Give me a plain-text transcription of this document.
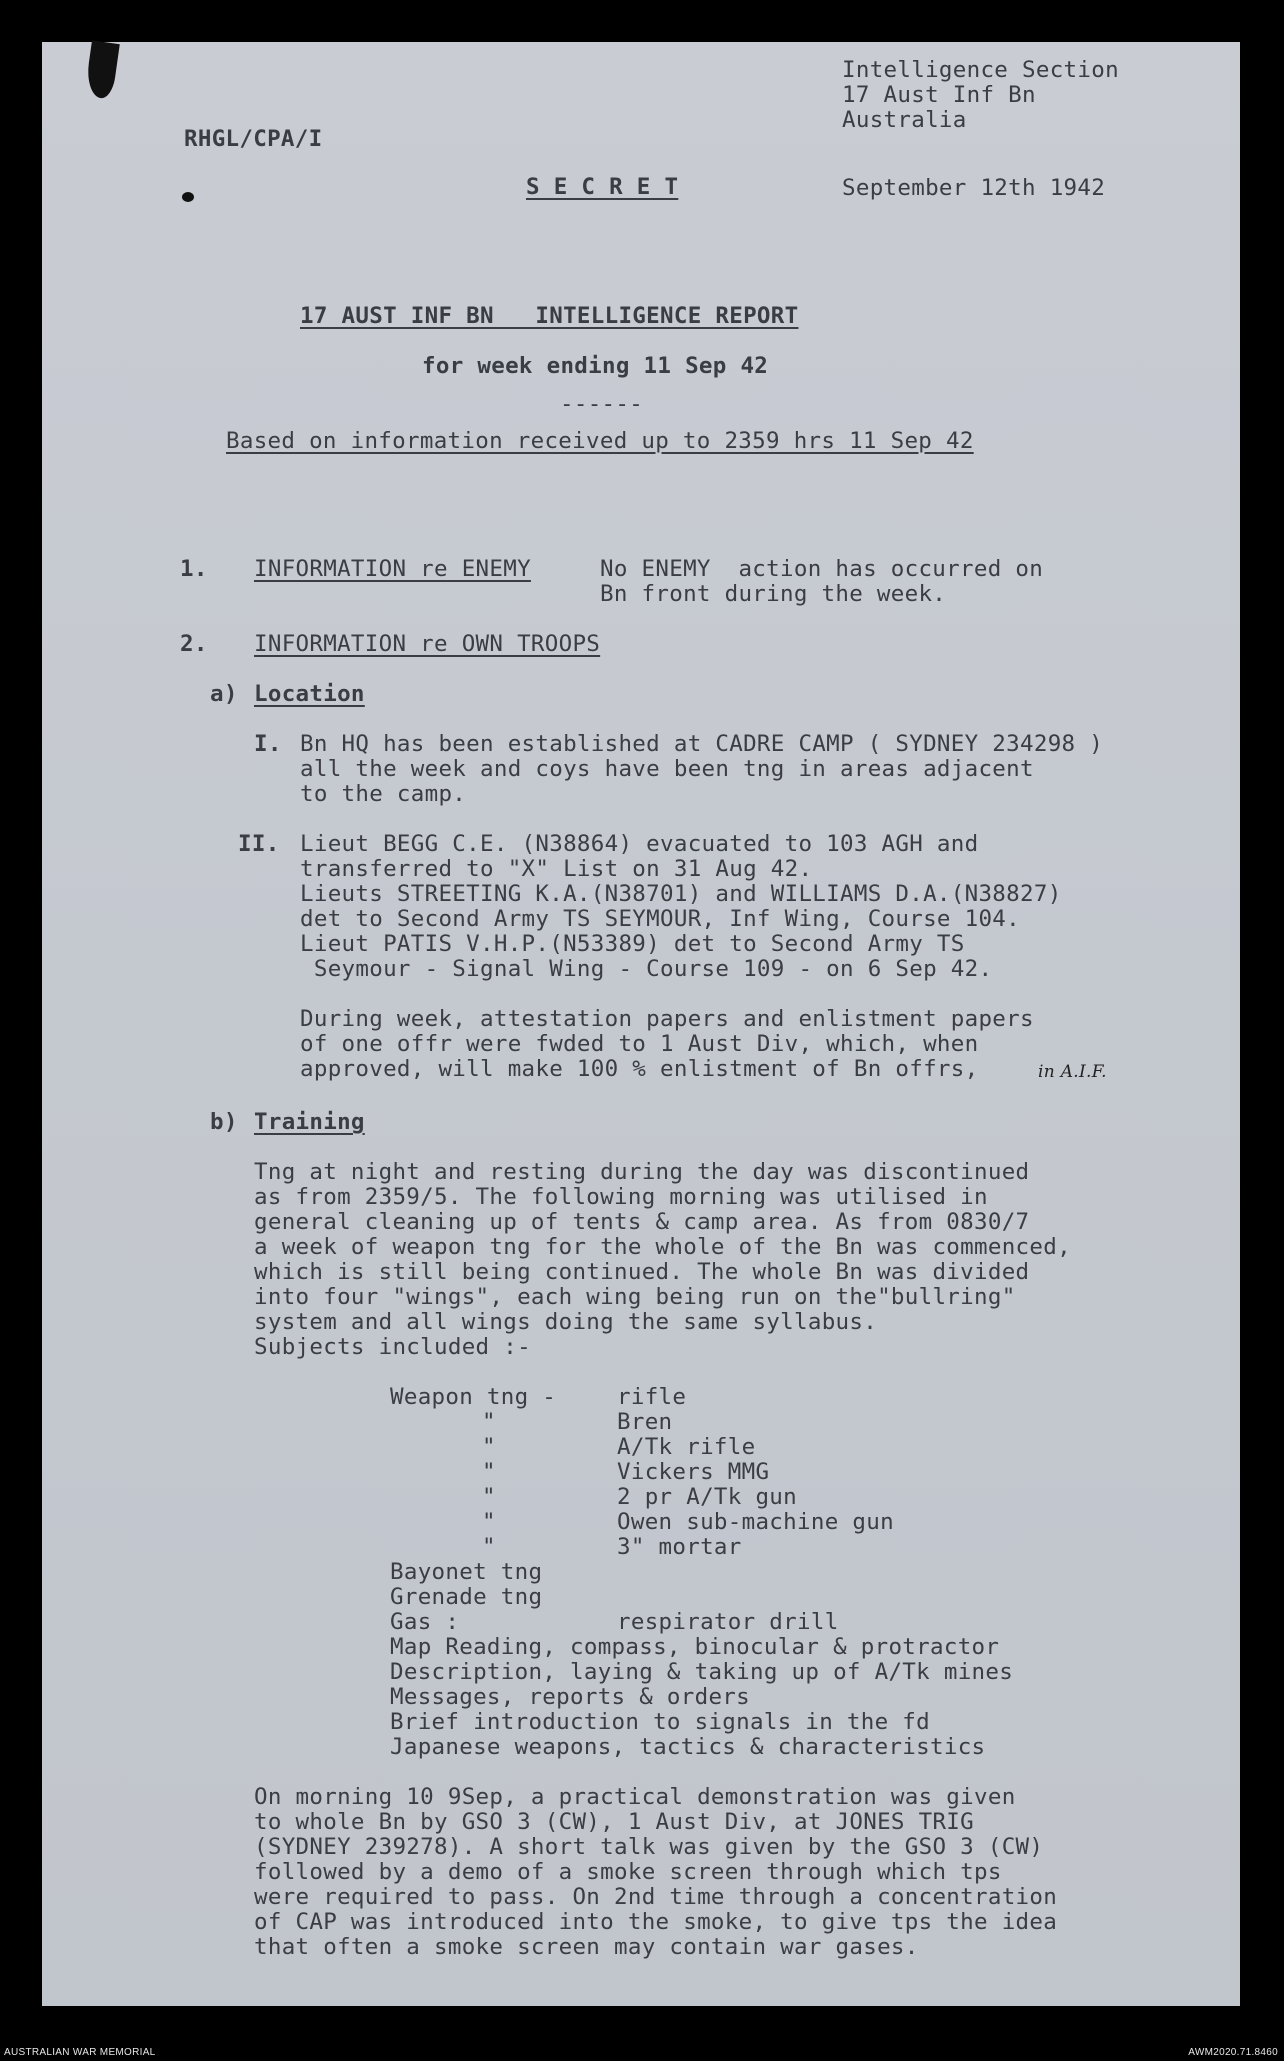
RHGL/CPA/I
Intelligence Section
17 Aust Inf Bn
Australia
S E C R E T	September 12th 1942
17 AUST INF BN   INTELLIGENCE REPORT
for week ending 11 Sep 42
------
Based on information received up to 2359 hrs 11 Sep 42
1. INFORMATION re ENEMY	No ENEMY  action has occurred on
Bn front during the week.
2. INFORMATION re OWN TROOPS
a) Location
I. Bn HQ has been established at CADRE CAMP ( SYDNEY 234298 )
all the week and coys have been tng in areas adjacent
to the camp.
II. Lieut BEGG C.E. (N38864) evacuated to 103 AGH and
transferred to "X" List on 31 Aug 42.
Lieuts STREETING K.A.(N38701) and WILLIAMS D.A.(N38827)
det to Second Army TS SEYMOUR, Inf Wing, Course 104.
Lieut PATIS V.H.P.(N53389) det to Second Army TS
Seymour - Signal Wing - Course 109 - on 6 Sep 42.
During week, attestation papers and enlistment papers
of one offr were fwded to 1 Aust Div, which, when
approved, will make 100 % enlistment of Bn offrs,	in A.I.F.
b) Training
Tng at night and resting during the day was discontinued
as from 2359/5. The following morning was utilised in
general cleaning up of tents & camp area. As from 0830/7
a week of weapon tng for the whole of the Bn was commenced,
which is still being continued. The whole Bn was divided
into four "wings", each wing being run on the"bullring"
system and all wings doing the same syllabus.
Subjects included :-
Weapon tng -	rifle
"	Bren
"	A/Tk rifle
"	Vickers MMG
"	2 pr A/Tk gun
"	Owen sub-machine gun
"	3" mortar
Bayonet tng
Grenade tng
Gas :	respirator drill
Map Reading, compass, binocular & protractor
Description, laying & taking up of A/Tk mines
Messages, reports & orders
Brief introduction to signals in the fd
Japanese weapons, tactics & characteristics
On morning 10 9Sep, a practical demonstration was given
to whole Bn by GSO 3 (CW), 1 Aust Div, at JONES TRIG
(SYDNEY 239278). A short talk was given by the GSO 3 (CW)
followed by a demo of a smoke screen through which tps
were required to pass. On 2nd time through a concentration
of CAP was introduced into the smoke, to give tps the idea
that often a smoke screen may contain war gases.
AUSTRALIAN WAR MEMORIAL	AWM2020.71.8460
